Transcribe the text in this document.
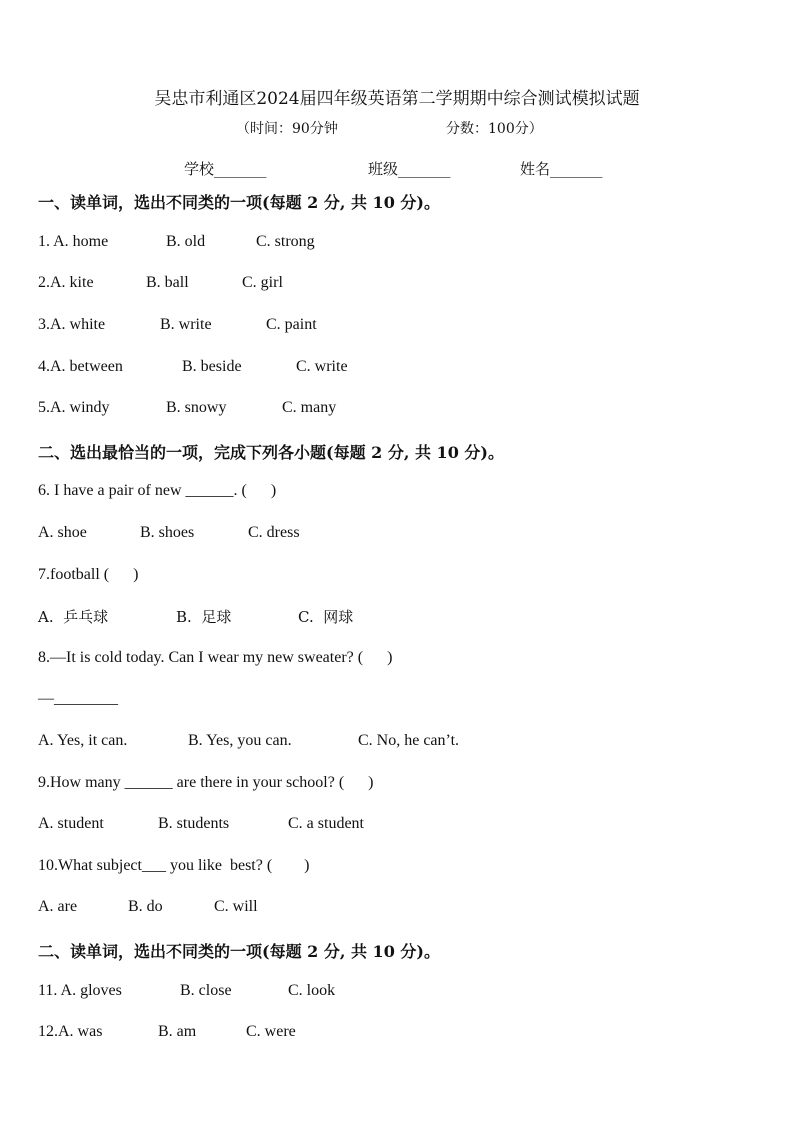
吴忠市利通区2024届四年级英语第二学期期中综合测试模拟试题
（时间：90分钟	分数：100分）
学校_______	班级_______	姓名_______
一、读单词，选出不同类的一项(每题 2 分, 共 10 分)。
1. A. home	B. old	C. strong
2.A. kite	B. ball	C. girl
3.A. white	B. write	C. paint
4.A. between	B. beside	C. write
5.A. windy	B. snowy	C. many
二、选出最恰当的一项，完成下列各小题(每题 2 分, 共 10 分)。
6. I have a pair of new ______. (      )
A. shoe	B. shoes	C. dress
7.football (      )
A.  乒乓球	B.  足球	C.  网球
8.—It is cold today. Can I wear my new sweater? (      )
—________
A. Yes, it can.	B. Yes, you can.	C. No, he can’t.
9.How many ______ are there in your school? (      )
A. student	B. students	C. a student
10.What subject___ you like  best? (        )
A. are	B. do	C. will
二、读单词，选出不同类的一项(每题 2 分, 共 10 分)。
11. A. gloves	B. close	C. look
12.A. was	B. am	C. were
